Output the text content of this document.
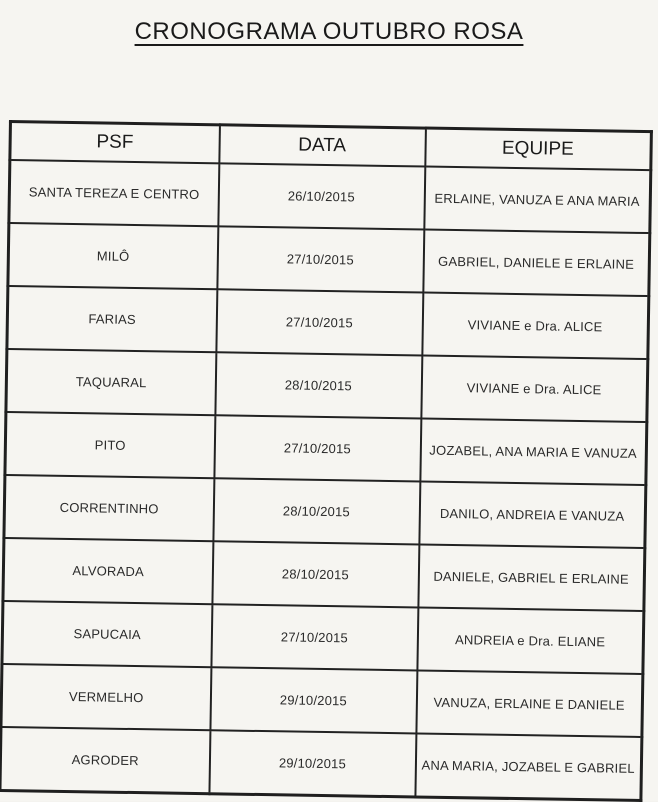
CRONOGRAMA OUTUBRO ROSA
PSF	DATA	EQUIPE
SANTA TEREZA E CENTRO	26/10/2015	ERLAINE, VANUZA E ANA MARIA
MILÔ	27/10/2015	GABRIEL, DANIELE E ERLAINE
FARIAS	27/10/2015	VIVIANE e Dra. ALICE
TAQUARAL	28/10/2015	VIVIANE e Dra. ALICE
PITO	27/10/2015	JOZABEL, ANA MARIA E VANUZA
CORRENTINHO	28/10/2015	DANILO, ANDREIA E VANUZA
ALVORADA	28/10/2015	DANIELE, GABRIEL E ERLAINE
SAPUCAIA	27/10/2015	ANDREIA e Dra. ELIANE
VERMELHO	29/10/2015	VANUZA, ERLAINE E DANIELE
AGRODER	29/10/2015	ANA MARIA, JOZABEL E GABRIEL
